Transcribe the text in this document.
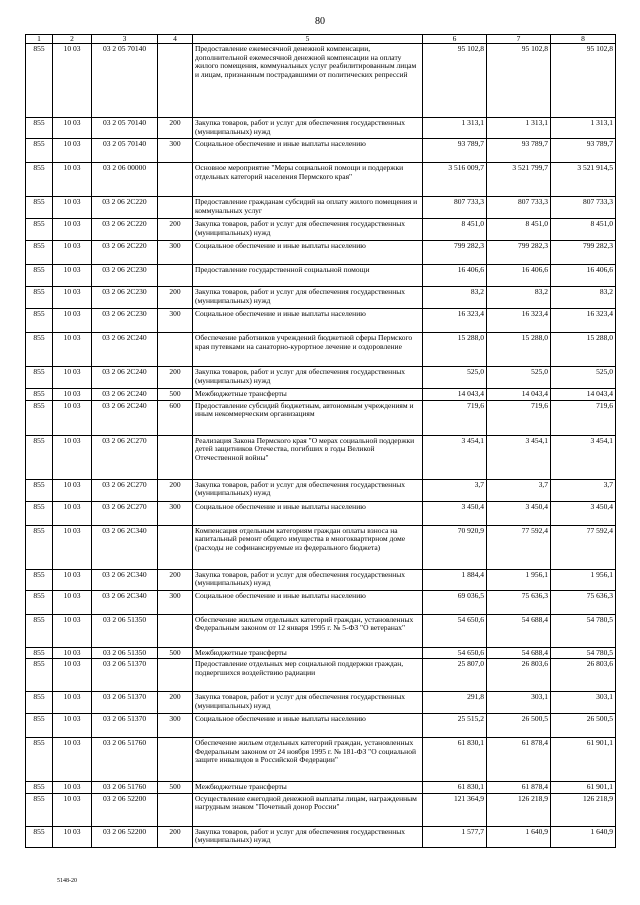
80
1	2	3	4	5	6	7	8
855	10 03	03 2 05 70140		Предоставление ежемесячной денежной компенсации, дополнительной ежемесячной денежной компенсации на оплату жилого помещения, коммунальных услуг реабилитированным лицам и лицам, признанным пострадавшими от политических репрессий	95 102,8	95 102,8	95 102,8
855	10 03	03 2 05 70140	200	Закупка товаров, работ и услуг для обеспечения государственных (муниципальных) нужд	1 313,1	1 313,1	1 313,1
855	10 03	03 2 05 70140	300	Социальное обеспечение и иные выплаты населению	93 789,7	93 789,7	93 789,7
855	10 03	03 2 06 00000		Основное мероприятие "Меры социальной помощи и поддержки отдельных категорий населения Пермского края"	3 516 009,7	3 521 799,7	3 521 914,5
855	10 03	03 2 06 2С220		Предоставление гражданам субсидий на оплату жилого помещения и коммунальных услуг	807 733,3	807 733,3	807 733,3
855	10 03	03 2 06 2С220	200	Закупка товаров, работ и услуг для обеспечения государственных (муниципальных) нужд	8 451,0	8 451,0	8 451,0
855	10 03	03 2 06 2С220	300	Социальное обеспечение и иные выплаты населению	799 282,3	799 282,3	799 282,3
855	10 03	03 2 06 2С230		Предоставление государственной социальной помощи	16 406,6	16 406,6	16 406,6
855	10 03	03 2 06 2С230	200	Закупка товаров, работ и услуг для обеспечения государственных (муниципальных) нужд	83,2	83,2	83,2
855	10 03	03 2 06 2С230	300	Социальное обеспечение и иные выплаты населению	16 323,4	16 323,4	16 323,4
855	10 03	03 2 06 2С240		Обеспечение работников учреждений бюджетной сферы Пермского края путевками на санаторно-курортное лечение и оздоровление	15 288,0	15 288,0	15 288,0
855	10 03	03 2 06 2С240	200	Закупка товаров, работ и услуг для обеспечения государственных (муниципальных) нужд	525,0	525,0	525,0
855	10 03	03 2 06 2С240	500	Межбюджетные трансферты	14 043,4	14 043,4	14 043,4
855	10 03	03 2 06 2С240	600	Предоставление субсидий бюджетным, автономным учреждениям и иным некоммерческим организациям	719,6	719,6	719,6
855	10 03	03 2 06 2С270		Реализация Закона Пермского края "О мерах социальной поддержки детей защитников Отечества, погибших в годы Великой Отечественной войны"	3 454,1	3 454,1	3 454,1
855	10 03	03 2 06 2С270	200	Закупка товаров, работ и услуг для обеспечения государственных (муниципальных) нужд	3,7	3,7	3,7
855	10 03	03 2 06 2С270	300	Социальное обеспечение и иные выплаты населению	3 450,4	3 450,4	3 450,4
855	10 03	03 2 06 2С340		Компенсация отдельным категориям граждан оплаты взноса на капитальный ремонт общего имущества в многоквартирном доме (расходы не софинансируемые из федерального бюджета)	70 920,9	77 592,4	77 592,4
855	10 03	03 2 06 2С340	200	Закупка товаров, работ и услуг для обеспечения государственных (муниципальных) нужд	1 884,4	1 956,1	1 956,1
855	10 03	03 2 06 2С340	300	Социальное обеспечение и иные выплаты населению	69 036,5	75 636,3	75 636,3
855	10 03	03 2 06 51350		Обеспечение жильем отдельных категорий граждан, установленных Федеральным законом от 12 января 1995 г. № 5-ФЗ "О ветеранах"	54 650,6	54 688,4	54 780,5
855	10 03	03 2 06 51350	500	Межбюджетные трансферты	54 650,6	54 688,4	54 780,5
855	10 03	03 2 06 51370		Предоставление отдельных мер социальной поддержки граждан, подвергшихся воздействию радиации	25 807,0	26 803,6	26 803,6
855	10 03	03 2 06 51370	200	Закупка товаров, работ и услуг для обеспечения государственных (муниципальных) нужд	291,8	303,1	303,1
855	10 03	03 2 06 51370	300	Социальное обеспечение и иные выплаты населению	25 515,2	26 500,5	26 500,5
855	10 03	03 2 06 51760		Обеспечение жильем отдельных категорий граждан, установленных Федеральным законом от 24 ноября 1995 г. № 181-ФЗ "О социальной защите инвалидов в Российской Федерации"	61 830,1	61 878,4	61 901,1
855	10 03	03 2 06 51760	500	Межбюджетные трансферты	61 830,1	61 878,4	61 901,1
855	10 03	03 2 06 52200		Осуществление ежегодной денежной выплаты лицам, награжденным нагрудным знаком "Почетный донор России"	121 364,9	126 218,9	126 218,9
855	10 03	03 2 06 52200	200	Закупка товаров, работ и услуг для обеспечения государственных (муниципальных) нужд	1 577,7	1 640,9	1 640,9
5148-20
